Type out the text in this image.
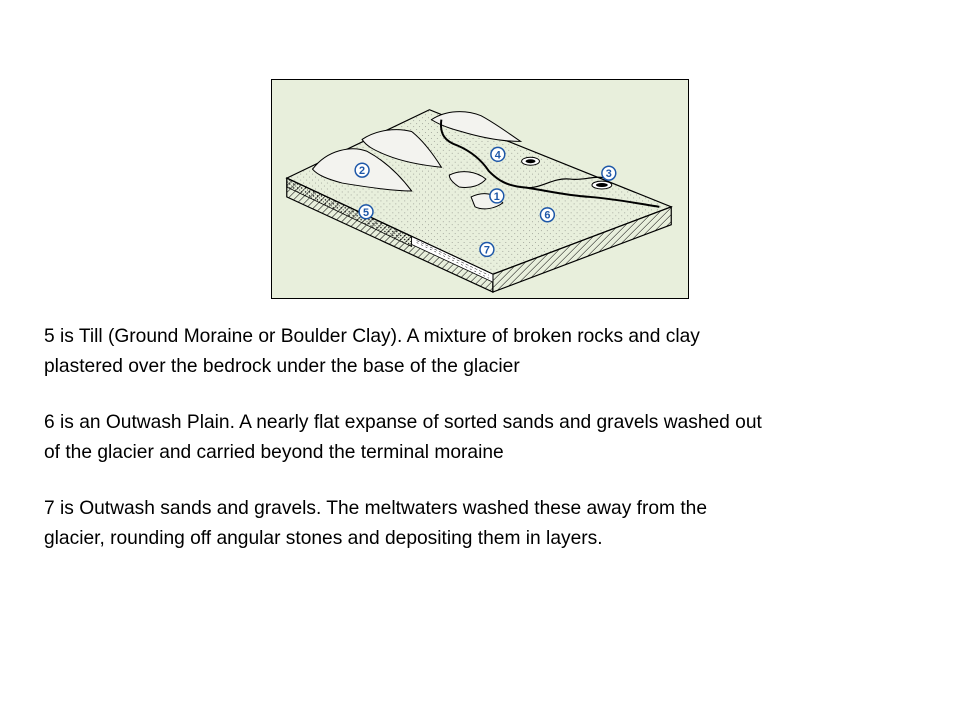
1
2	3
4
5	6
7

5 is Till (Ground Moraine or Boulder Clay). A mixture of broken rocks and clay
plastered over the bedrock under the base of the glacier

6 is an Outwash Plain. A nearly flat expanse of sorted sands and gravels washed out
of the glacier and carried beyond the terminal moraine

7 is Outwash sands and gravels. The meltwaters washed these away from the
glacier, rounding off angular stones and depositing them in layers.
